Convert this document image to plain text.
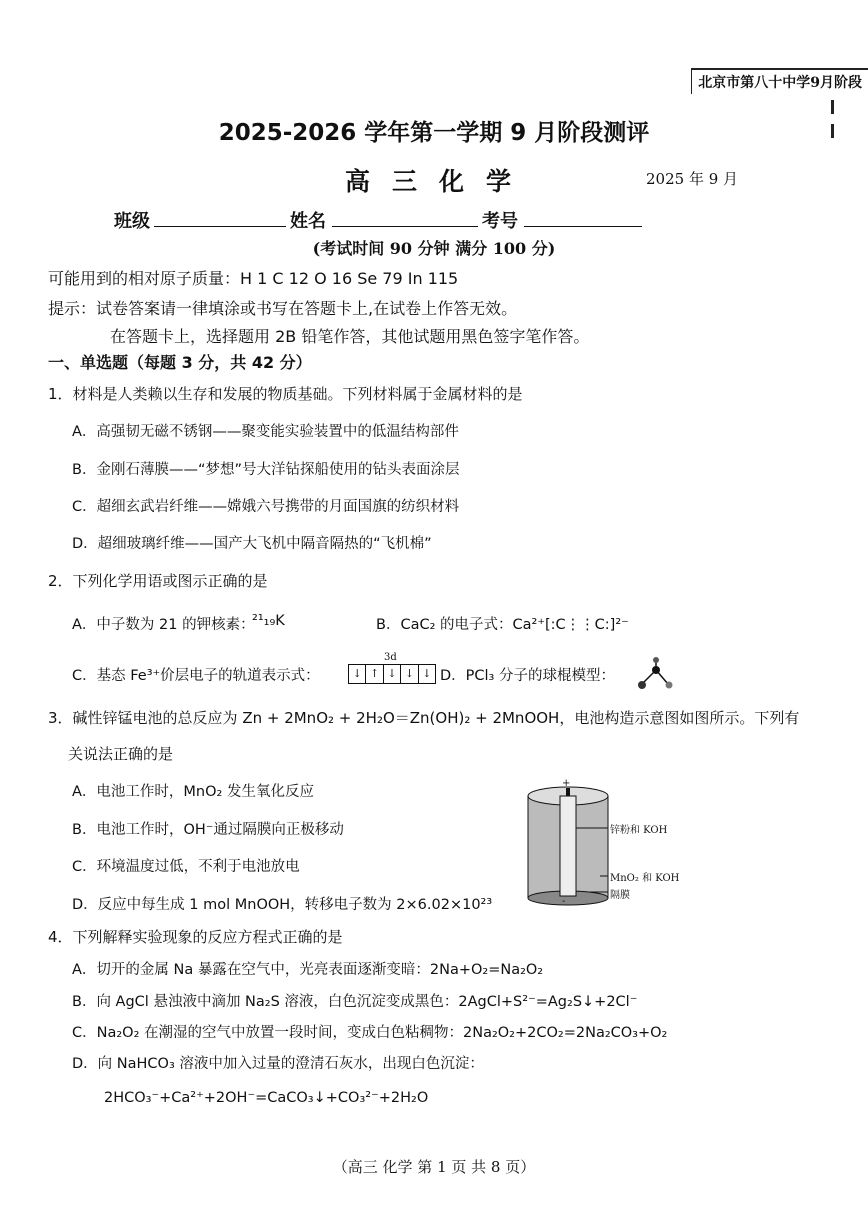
北京市第八十中学9月阶段
2025-2026 学年第一学期 9 月阶段测评
高三化学	2025 年 9 月
班级	姓名	考号
(考试时间 90 分钟 满分 100 分)
可能用到的相对原子质量：H 1 C 12 O 16 Se 79 In 115
提示：试卷答案请一律填涂或书写在答题卡上,在试卷上作答无效。
在答题卡上，选择题用 2B 铅笔作答，其他试题用黑色签字笔作答。
一、单选题（每题 3 分，共 42 分）
1．材料是人类赖以生存和发展的物质基础。下列材料属于金属材料的是
A．高强韧无磁不锈钢——聚变能实验装置中的低温结构部件
B．金刚石薄膜——“梦想”号大洋钻探船使用的钻头表面涂层
C．超细玄武岩纤维——嫦娥六号携带的月面国旗的纺织材料
D．超细玻璃纤维——国产大飞机中隔音隔热的“飞机棉”
2．下列化学用语或图示正确的是
A．中子数为 21 的钾核素：
²¹₁₉K	B．CaC₂ 的电子式：Ca²⁺[:C⋮⋮C:]²⁻
C．基态 Fe³⁺价层电子的轨道表示式：
3d
↓ ↑ ↓ ↓ ↓ D．PCl₃ 分子的球棍模型：
3．碱性锌锰电池的总反应为 Zn + 2MnO₂ + 2H₂O＝Zn(OH)₂ + 2MnOOH，电池构造示意图如图所示。下列有
关说法正确的是
A．电池工作时，MnO₂ 发生氧化反应
B．电池工作时，OH⁻通过隔膜向正极移动
C．环境温度过低，不利于电池放电
D．反应中每生成 1 mol MnOOH，转移电子数为 2×6.02×10²³
+
-
锌粉和 KOH
MnO₂ 和 KOH
隔膜
4．下列解释实验现象的反应方程式正确的是
A．切开的金属 Na 暴露在空气中，光亮表面逐渐变暗：2Na+O₂=Na₂O₂
B．向 AgCl 悬浊液中滴加 Na₂S 溶液，白色沉淀变成黑色：2AgCl+S²⁻=Ag₂S↓+2Cl⁻
C．Na₂O₂ 在潮湿的空气中放置一段时间，变成白色粘稠物：2Na₂O₂+2CO₂=2Na₂CO₃+O₂
D．向 NaHCO₃ 溶液中加入过量的澄清石灰水，出现白色沉淀：
2HCO₃⁻+Ca²⁺+2OH⁻=CaCO₃↓+CO₃²⁻+2H₂O
（高三 化学 第 1 页 共 8 页）
